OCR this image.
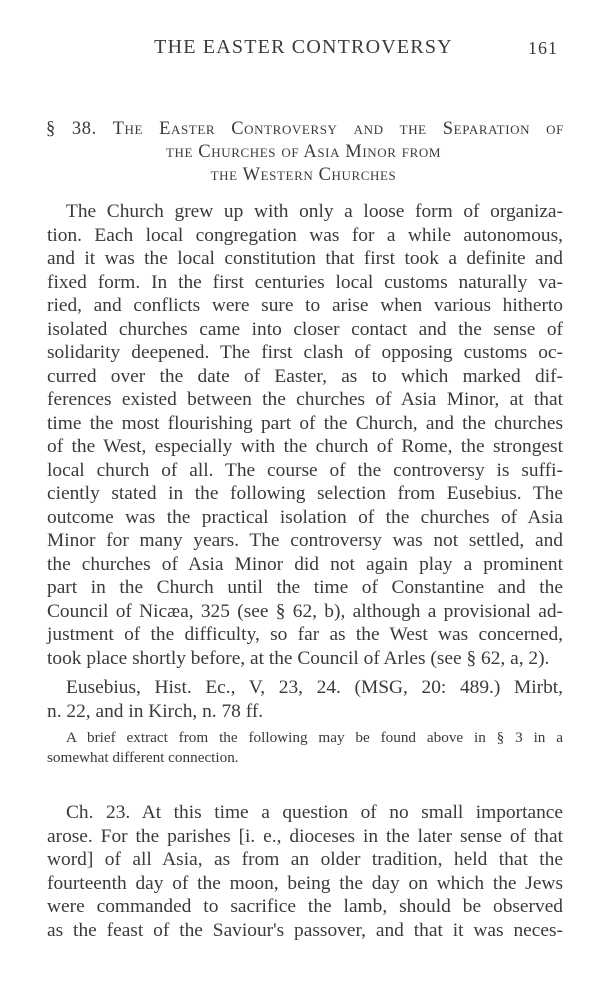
THE EASTER CONTROVERSY	161
§ 38. The Easter Controversy and the Separation of
the Churches of Asia Minor from
the Western Churches
The Church grew up with only a loose form of organiza-
tion. Each local congregation was for a while autonomous,
and it was the local constitution that first took a definite and
fixed form. In the first centuries local customs naturally va-
ried, and conflicts were sure to arise when various hitherto
isolated churches came into closer contact and the sense of
solidarity deepened. The first clash of opposing customs oc-
curred over the date of Easter, as to which marked dif-
ferences existed between the churches of Asia Minor, at that
time the most flourishing part of the Church, and the churches
of the West, especially with the church of Rome, the strongest
local church of all. The course of the controversy is suffi-
ciently stated in the following selection from Eusebius. The
outcome was the practical isolation of the churches of Asia
Minor for many years. The controversy was not settled, and
the churches of Asia Minor did not again play a prominent
part in the Church until the time of Constantine and the
Council of Nicæa, 325 (see § 62, b), although a provisional ad-
justment of the difficulty, so far as the West was concerned,
took place shortly before, at the Council of Arles (see § 62, a, 2).
Eusebius, Hist. Ec., V, 23, 24. (MSG, 20: 489.) Mirbt,
n. 22, and in Kirch, n. 78 ff.
A brief extract from the following may be found above in § 3 in a
somewhat different connection.
Ch. 23. At this time a question of no small importance
arose. For the parishes [i. e., dioceses in the later sense of that
word] of all Asia, as from an older tradition, held that the
fourteenth day of the moon, being the day on which the Jews
were commanded to sacrifice the lamb, should be observed
as the feast of the Saviour's passover, and that it was neces-
